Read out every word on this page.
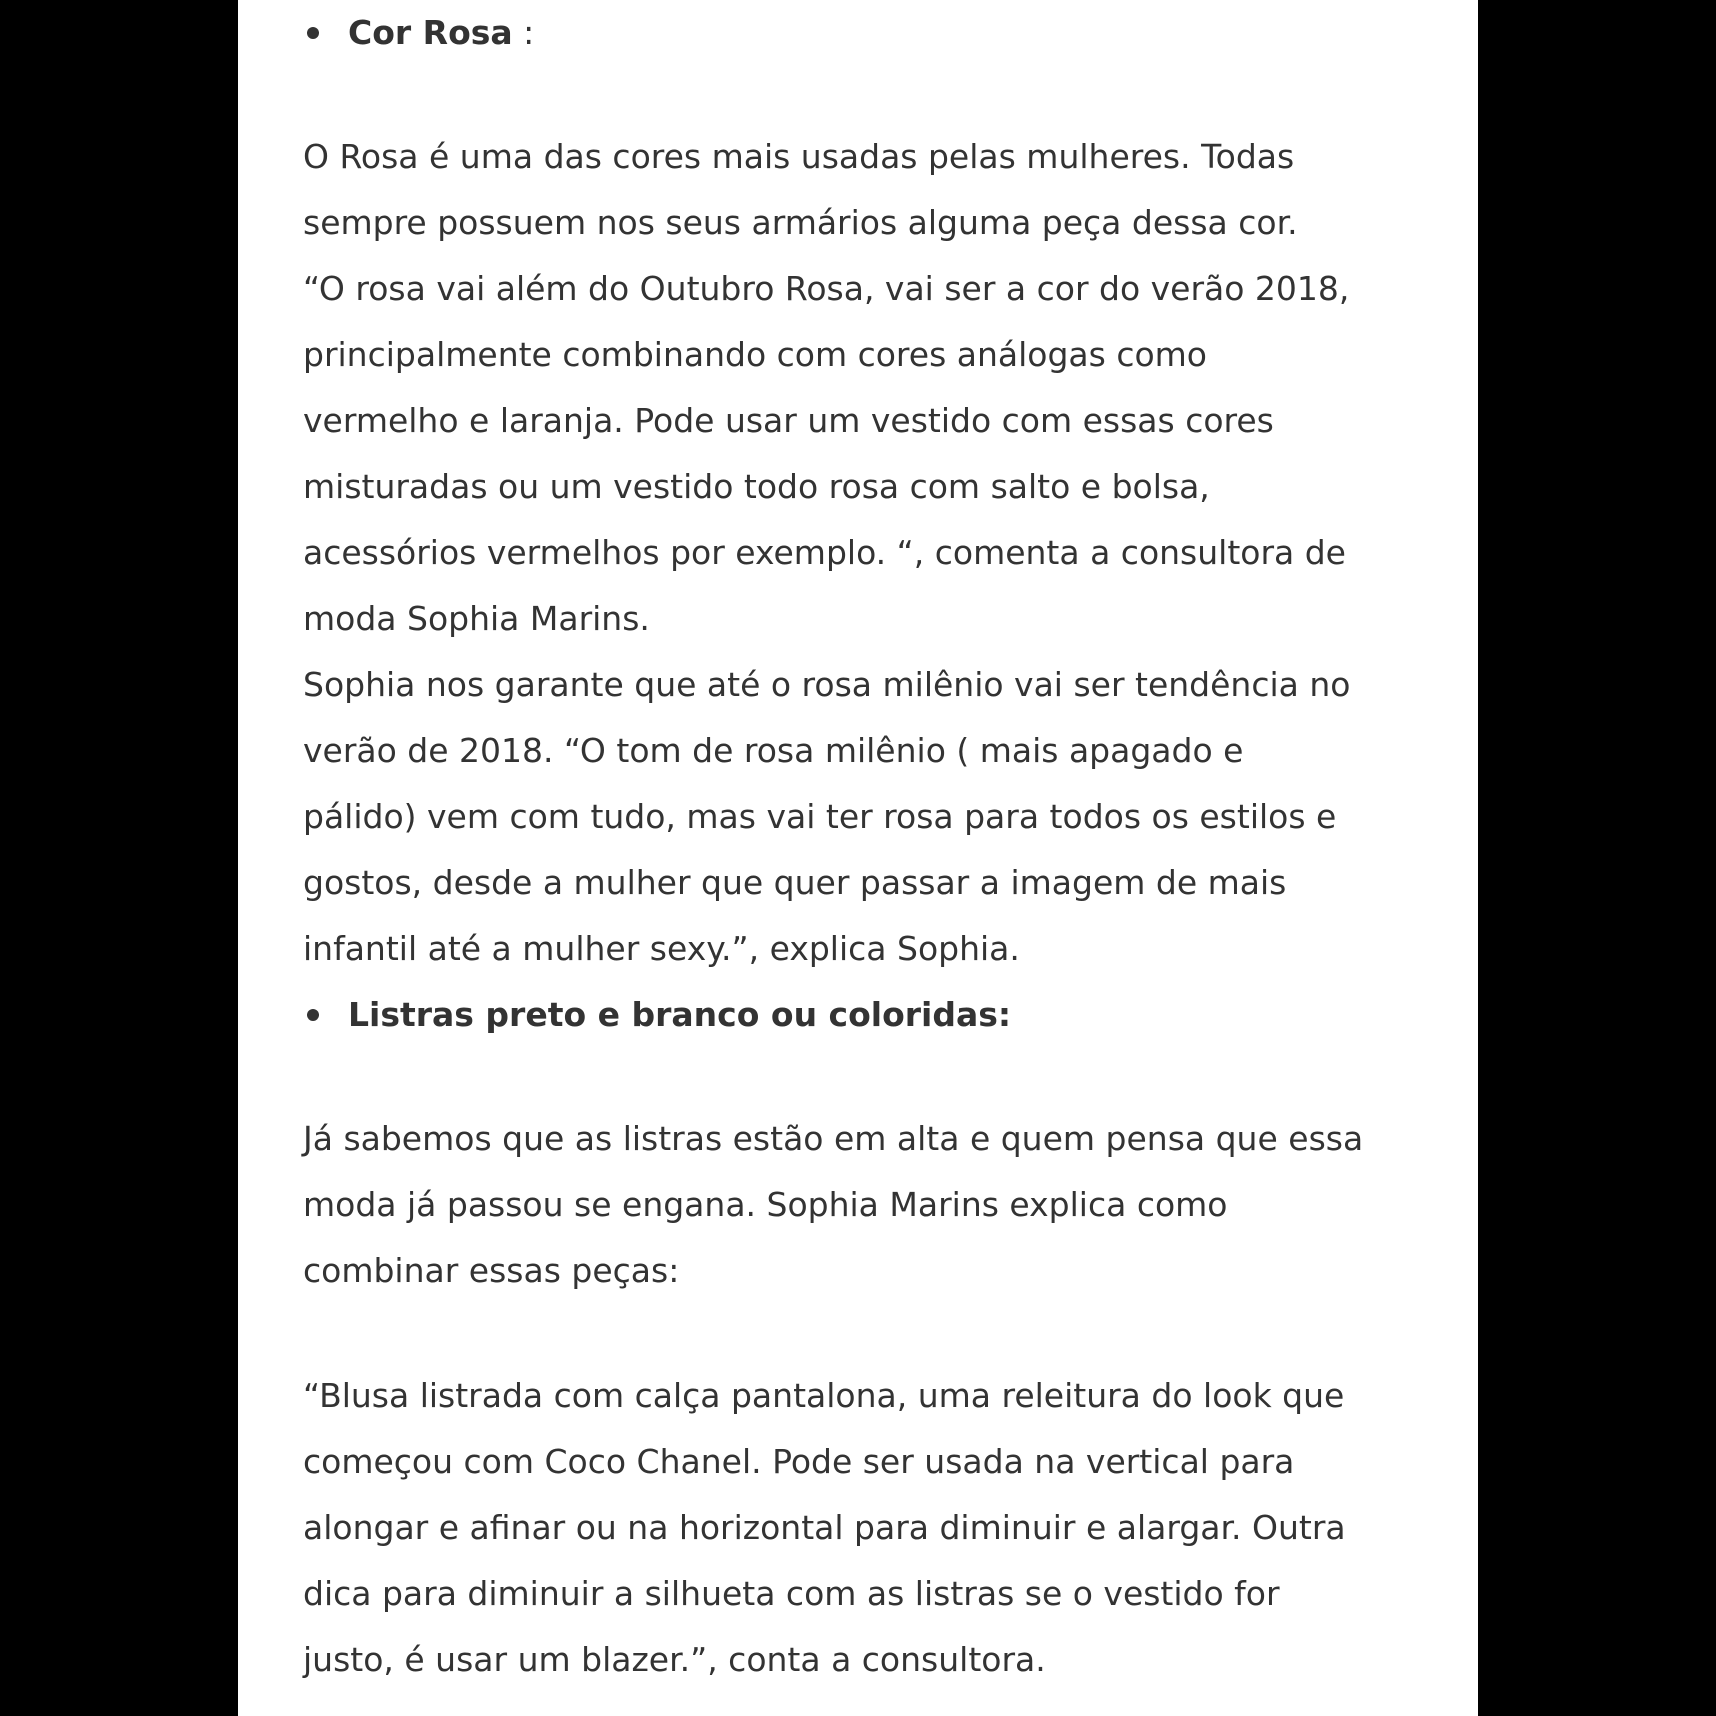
Cor Rosa :
O Rosa é uma das cores mais usadas pelas mulheres. Todas
sempre possuem nos seus armários alguma peça dessa cor.
“O rosa vai além do Outubro Rosa, vai ser a cor do verão 2018,
principalmente combinando com cores análogas como
vermelho e laranja. Pode usar um vestido com essas cores
misturadas ou um vestido todo rosa com salto e bolsa,
acessórios vermelhos por exemplo. “, comenta a consultora de
moda Sophia Marins.
Sophia nos garante que até o rosa milênio vai ser tendência no
verão de 2018. “O tom de rosa milênio ( mais apagado e
pálido) vem com tudo, mas vai ter rosa para todos os estilos e
gostos, desde a mulher que quer passar a imagem de mais
infantil até a mulher sexy.”, explica Sophia.
Listras preto e branco ou coloridas:
Já sabemos que as listras estão em alta e quem pensa que essa
moda já passou se engana. Sophia Marins explica como
combinar essas peças:
“Blusa listrada com calça pantalona, uma releitura do look que
começou com Coco Chanel. Pode ser usada na vertical para
alongar e afinar ou na horizontal para diminuir e alargar. Outra
dica para diminuir a silhueta com as listras se o vestido for
justo, é usar um blazer.”, conta a consultora.
